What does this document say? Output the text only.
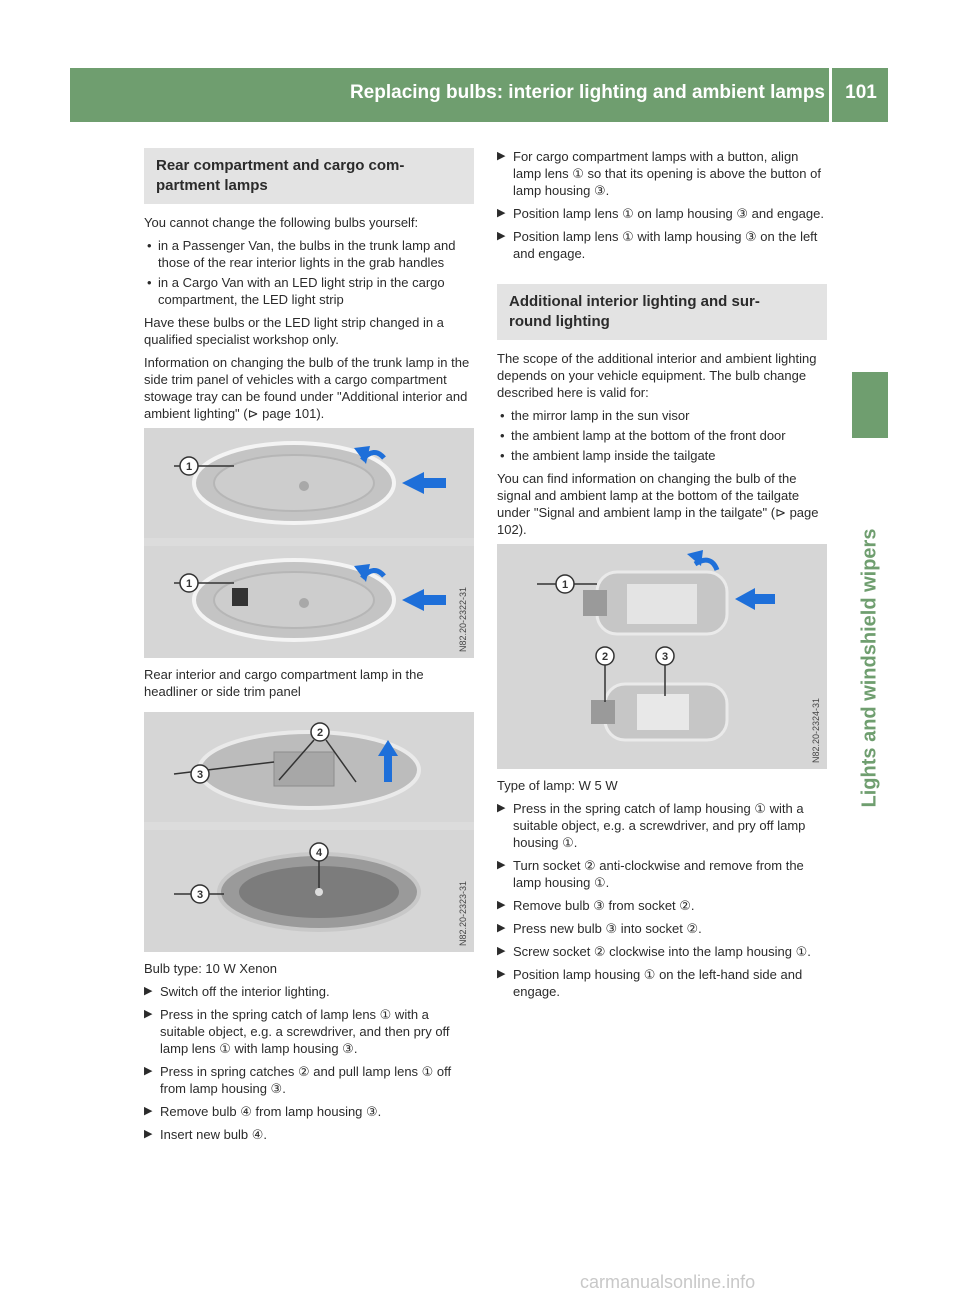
Replacing bulbs: interior lighting and ambient lamps	101
Lights and windshield wipers
Rear compartment and cargo com-
partment lamps

You cannot change the following bulbs yourself:

• in a Passenger Van, the bulbs in the trunk lamp and those of the rear interior lights in the grab handles
• in a Cargo Van with an LED light strip in the cargo compartment, the LED light strip

Have these bulbs or the LED light strip changed in a qualified specialist workshop only.

Information on changing the bulb of the trunk lamp in the side trim panel of vehicles with a cargo compartment stowage tray can be found under "Additional interior and ambient lighting" (⊳ page 101).

1
1
N82.20-2322-31

Rear interior and cargo compartment lamp in the headliner or side trim panel

3
2
3
4
N82.20-2323-31

Bulb type: 10 W Xenon

▶ Switch off the interior lighting.
▶ Press in the spring catch of lamp lens ① with a suitable object, e.g. a screwdriver, and then pry off lamp lens ① with lamp housing ③.
▶ Press in spring catches ② and pull lamp lens ① off from lamp housing ③.
▶ Remove bulb ④ from lamp housing ③.
▶ Insert new bulb ④.
▶ For cargo compartment lamps with a button, align lamp lens ① so that its opening is above the button of lamp housing ③.
▶ Position lamp lens ① on lamp housing ③ and engage.
▶ Position lamp lens ① with lamp housing ③ on the left and engage.
Additional interior lighting and sur-
round lighting

The scope of the additional interior and ambient lighting depends on your vehicle equipment. The bulb change described here is valid for:

• the mirror lamp in the sun visor
• the ambient lamp at the bottom of the front door
• the ambient lamp inside the tailgate

You can find information on changing the bulb of the signal and ambient lamp at the bottom of the tailgate under "Signal and ambient lamp in the tailgate" (⊳ page 102).

1
2	3
N82.20-2324-31

Type of lamp: W 5 W

▶ Press in the spring catch of lamp housing ① with a suitable object, e.g. a screwdriver, and pry off lamp housing ①.
▶ Turn socket ② anti-clockwise and remove from the lamp housing ①.
▶ Remove bulb ③ from socket ②.
▶ Press new bulb ③ into socket ②.
▶ Screw socket ② clockwise into the lamp housing ①.
▶ Position lamp housing ① on the left-hand side and engage.
carmanualsonline.info
